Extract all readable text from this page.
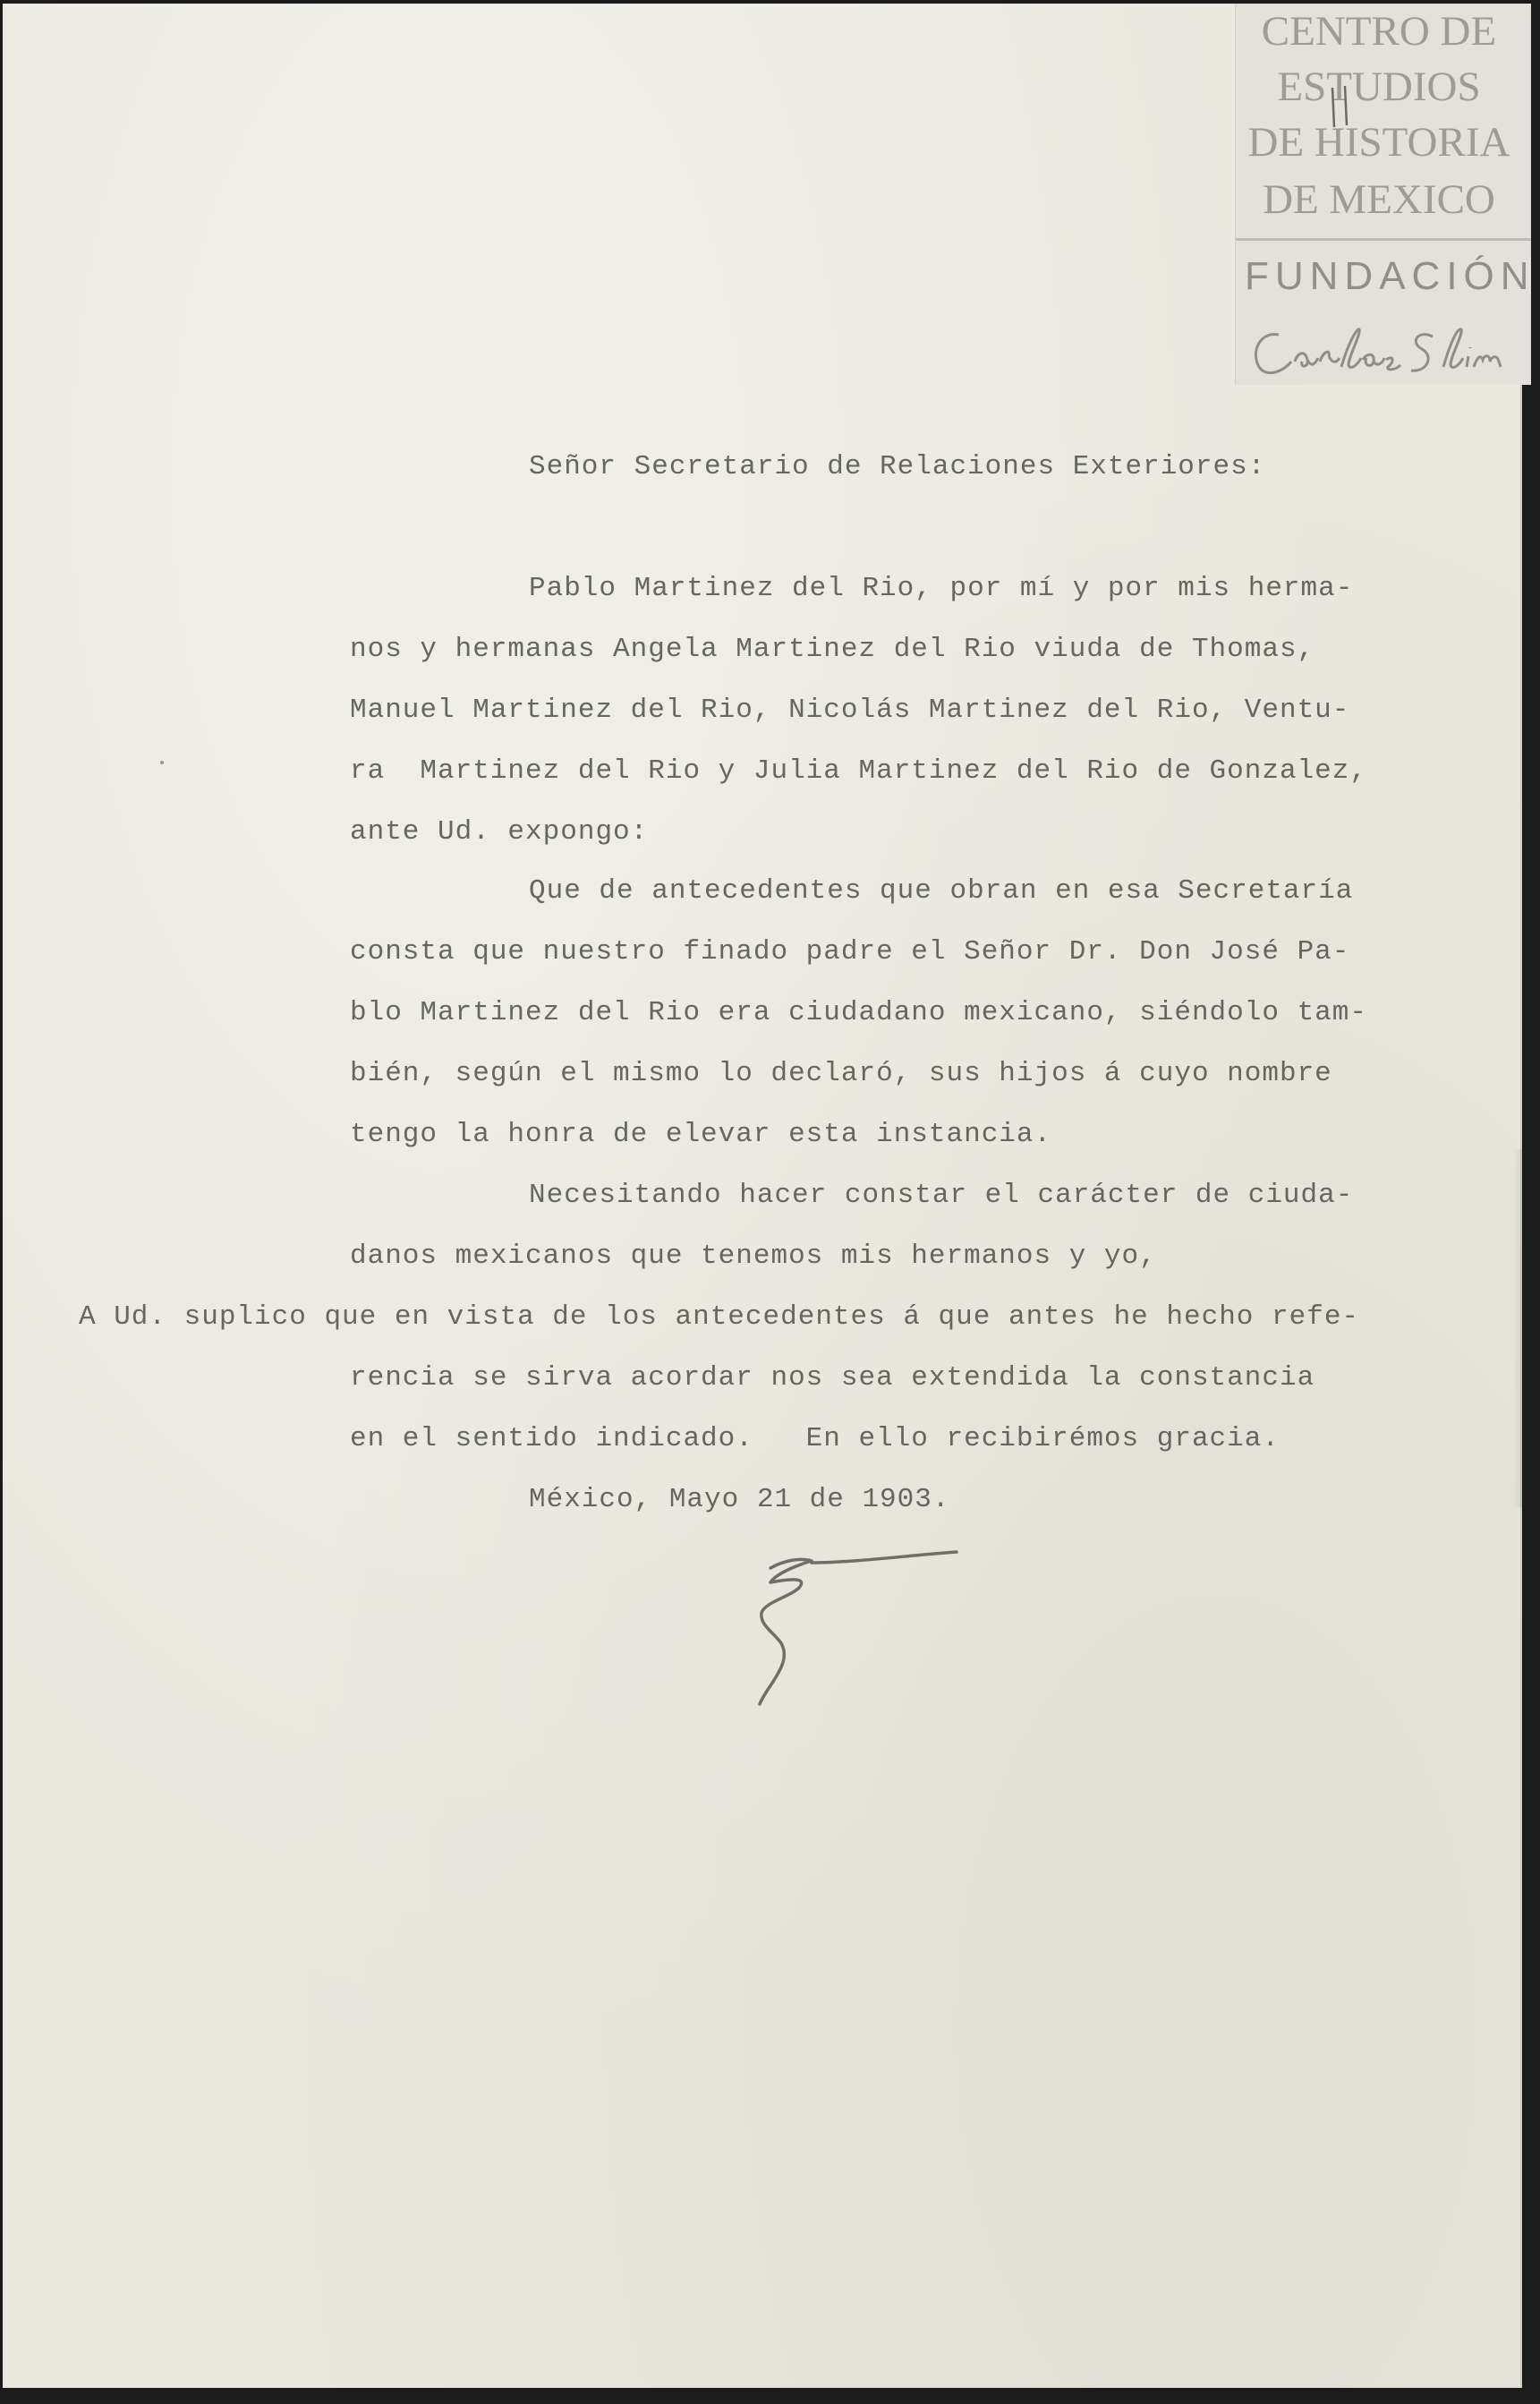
CENTRO DE
ESTUDIOS
DE HISTORIA
DE MEXICO
FUNDACIÓN
Señor Secretario de Relaciones Exteriores:
Pablo Martinez del Rio, por mí y por mis herma-
nos y hermanas Angela Martinez del Rio viuda de Thomas,
Manuel Martinez del Rio, Nicolás Martinez del Rio, Ventu-
ra  Martinez del Rio y Julia Martinez del Rio de Gonzalez,
ante Ud. expongo:
Que de antecedentes que obran en esa Secretaría
consta que nuestro finado padre el Señor Dr. Don José Pa-
blo Martinez del Rio era ciudadano mexicano, siéndolo tam-
bién, según el mismo lo declaró, sus hijos á cuyo nombre
tengo la honra de elevar esta instancia.
Necesitando hacer constar el carácter de ciuda-
danos mexicanos que tenemos mis hermanos y yo,
A Ud. suplico que en vista de los antecedentes á que antes he hecho refe-
rencia se sirva acordar nos sea extendida la constancia
en el sentido indicado.   En ello recibirémos gracia.
México, Mayo 21 de 1903.
